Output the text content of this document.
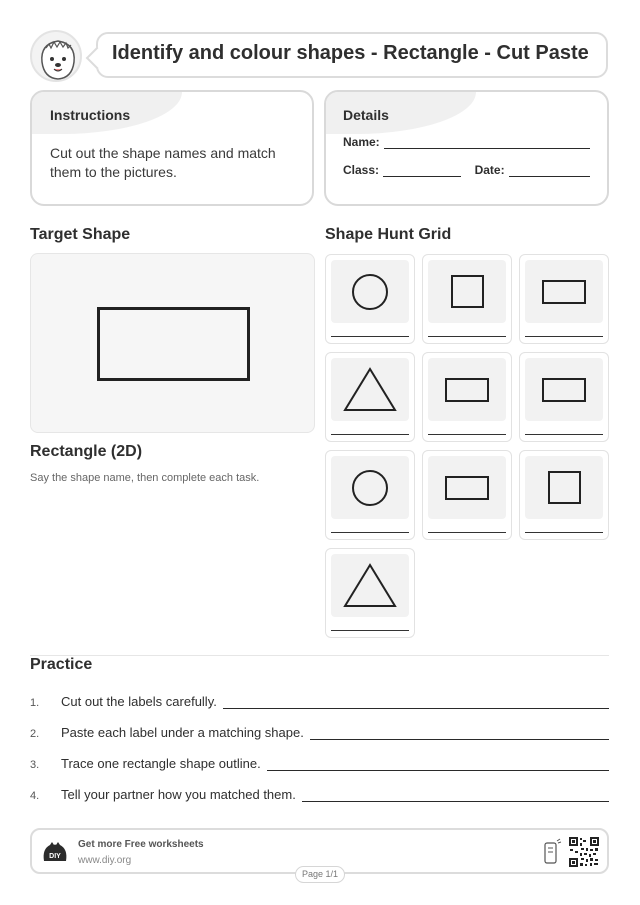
Identify and colour shapes - Rectangle - Cut Paste
Instructions

Cut out the shape names and match them to the pictures.

Details
Name:
Class:	Date:
Target Shape
Rectangle (2D)
Say the shape name, then complete each task.
Shape Hunt Grid
Practice
1.	Cut out the labels carefully.
2.	Paste each label under a matching shape.
3.	Trace one rectangle shape outline.
4.	Tell your partner how you matched them.
DIY
Get more Free worksheets
www.diy.org
Page 1/1
